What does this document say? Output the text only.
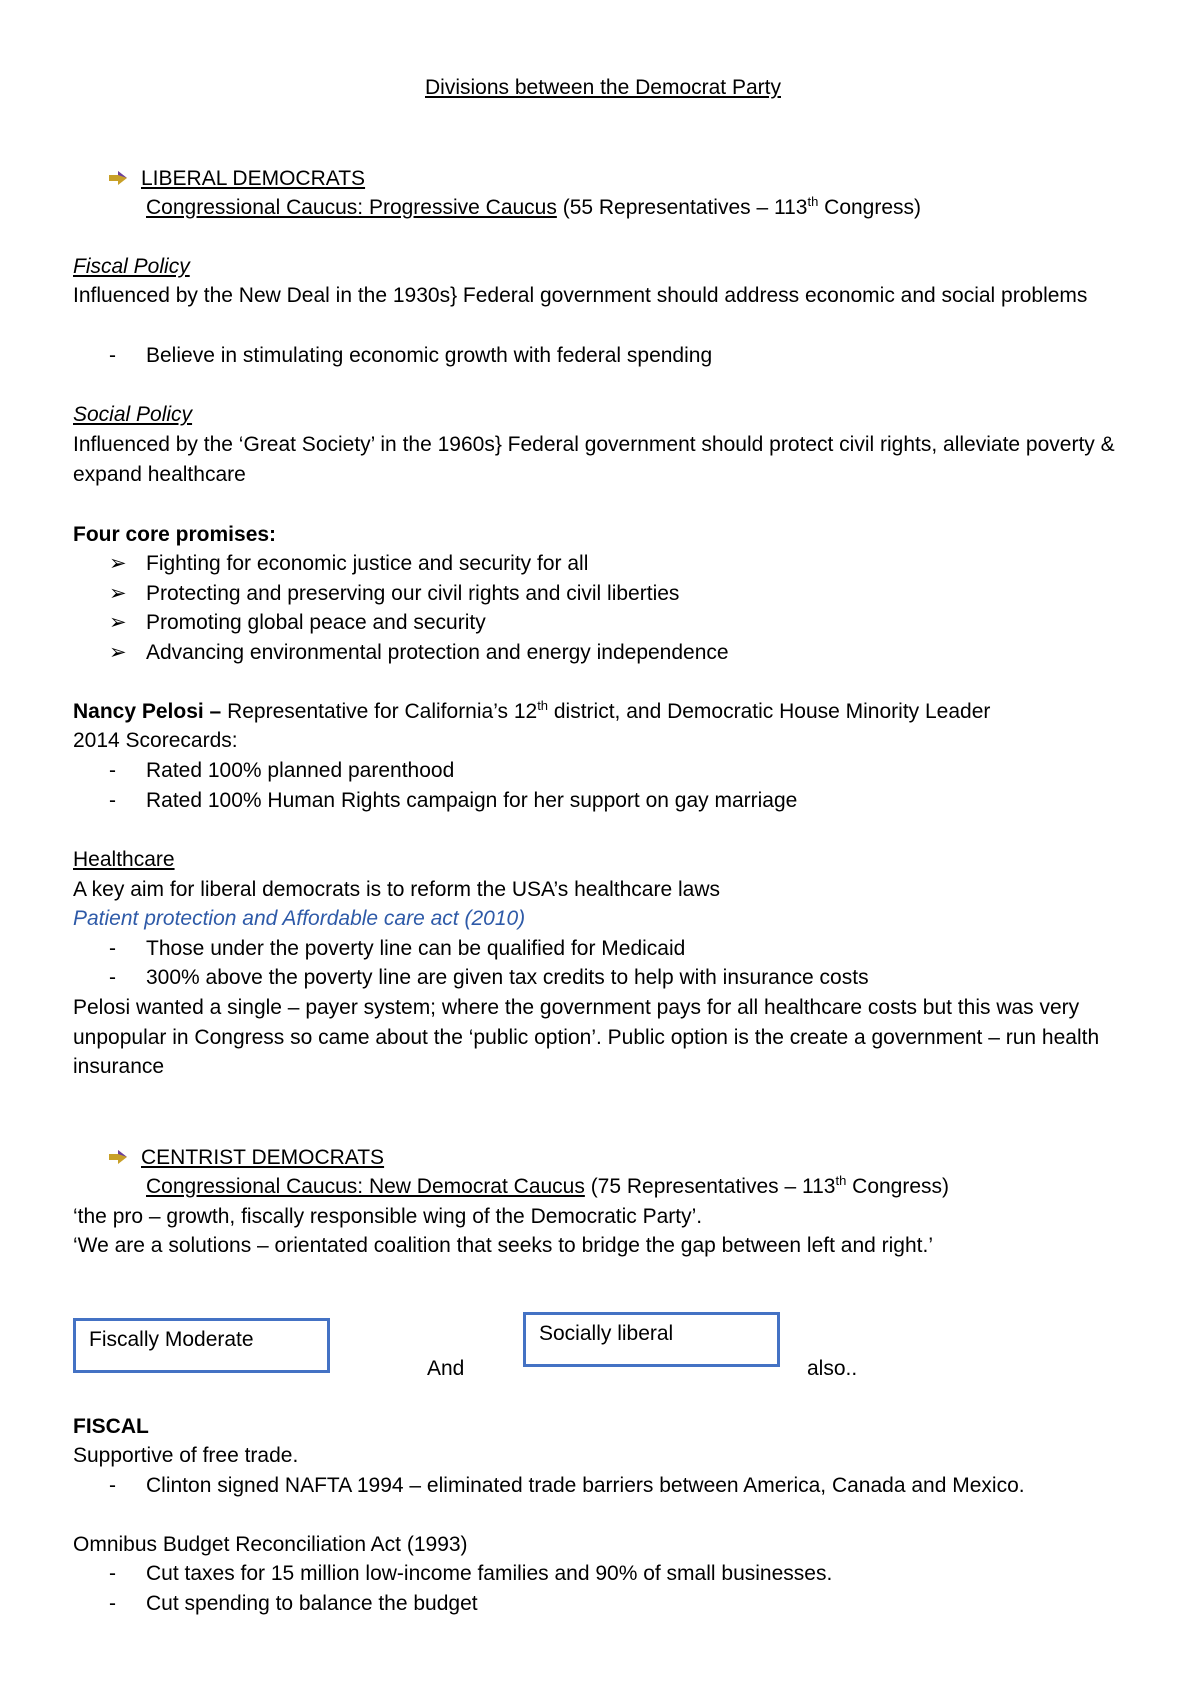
Divisions between the Democrat Party
LIBERAL DEMOCRATS
Congressional Caucus: Progressive Caucus (55 Representatives – 113th Congress)
Fiscal Policy
Influenced by the New Deal in the 1930s} Federal government should address economic and social problems
- Believe in stimulating economic growth with federal spending
Social Policy
Influenced by the ‘Great Society’ in the 1960s} Federal government should protect civil rights, alleviate poverty & expand healthcare
Four core promises:
➢ Fighting for economic justice and security for all
➢ Protecting and preserving our civil rights and civil liberties
➢ Promoting global peace and security
➢ Advancing environmental protection and energy independence
Nancy Pelosi – Representative for California’s 12th district, and Democratic House Minority Leader
2014 Scorecards:
- Rated 100% planned parenthood
- Rated 100% Human Rights campaign for her support on gay marriage
Healthcare
A key aim for liberal democrats is to reform the USA’s healthcare laws
Patient protection and Affordable care act (2010)
- Those under the poverty line can be qualified for Medicaid
- 300% above the poverty line are given tax credits to help with insurance costs
Pelosi wanted a single – payer system; where the government pays for all healthcare costs but this was very unpopular in Congress so came about the ‘public option’. Public option is the create a government – run health insurance
CENTRIST DEMOCRATS
Congressional Caucus: New Democrat Caucus (75 Representatives – 113th Congress)
‘the pro – growth, fiscally responsible wing of the Democratic Party’.
‘We are a solutions – orientated coalition that seeks to bridge the gap between left and right.’
Fiscally Moderate
And
Socially liberal
also..
FISCAL
Supportive of free trade.
- Clinton signed NAFTA 1994 – eliminated trade barriers between America, Canada and Mexico.
Omnibus Budget Reconciliation Act (1993)
- Cut taxes for 15 million low-income families and 90% of small businesses.
- Cut spending to balance the budget
